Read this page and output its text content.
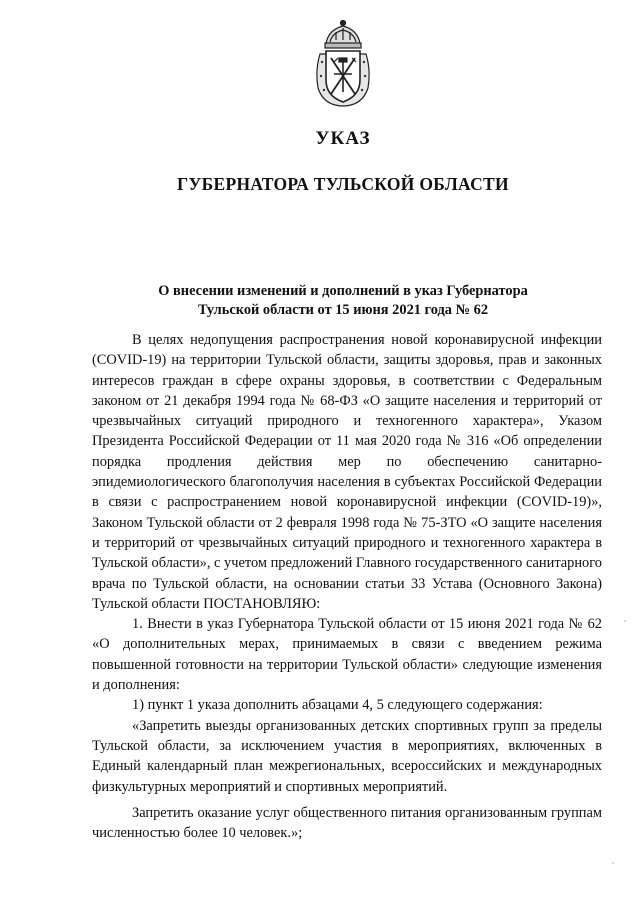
УКАЗ
ГУБЕРНАТОРА ТУЛЬСКОЙ ОБЛАСТИ
О внесении изменений и дополнений в указ Губернатора
Тульской области от 15 июня 2021 года № 62

В целях недопущения распространения новой коронавирусной инфекции (COVID-19) на территории Тульской области, защиты здоровья, прав и законных интересов граждан в сфере охраны здоровья, в соответствии с Федеральным законом от 21 декабря 1994 года № 68-ФЗ «О защите населения и территорий от чрезвычайных ситуаций природного и техногенного характера», Указом Президента Российской Федерации от 11 мая 2020 года № 316 «Об определении порядка продления действия мер по обеспечению санитарно-эпидемиологического благополучия населения в субъектах Российской Федерации в связи с распространением новой коронавирусной инфекции (COVID-19)», Законом Тульской области от 2 февраля 1998 года № 75-ЗТО «О защите населения и территорий от чрезвычайных ситуаций природного и техногенного характера в Тульской области», с учетом предложений Главного государственного санитарного врача по Тульской области, на основании статьи 33 Устава (Основного Закона) Тульской области ПОСТАНОВЛЯЮ:

1. Внести в указ Губернатора Тульской области от 15 июня 2021 года № 62 «О дополнительных мерах, принимаемых в связи с введением режима повышенной готовности на территории Тульской области» следующие изменения и дополнения:

1) пункт 1 указа дополнить абзацами 4, 5 следующего содержания:

«Запретить выезды организованных детских спортивных групп за пределы Тульской области, за исключением участия в мероприятиях, включенных в Единый календарный план межрегиональных, всероссийских и международных физкультурных мероприятий и спортивных мероприятий.

Запретить оказание услуг общественного питания организованным группам численностью более 10 человек.»;
